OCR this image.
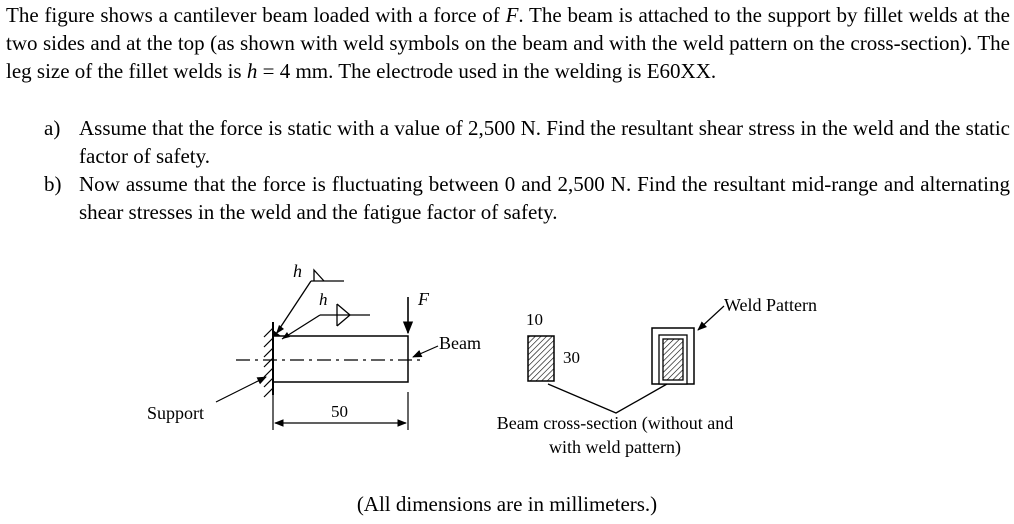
The figure shows a cantilever beam loaded with a force of F. The beam is attached to the support by fillet welds at the two sides and at the top (as shown with weld symbols on the beam and with the weld pattern on the cross-section). The leg size of the fillet welds is h = 4 mm. The electrode used in the welding is E60XX.
a) Assume that the force is static with a value of 2,500 N. Find the resultant shear stress in the weld and the static factor of safety.
b) Now assume that the force is fluctuating between 0 and 2,500 N. Find the resultant mid-range and alternating shear stresses in the weld and the fatigue factor of safety.
h
h	F
Beam
Support	50
10
30
Weld Pattern
Beam cross-section (without and
with weld pattern)
(All dimensions are in millimeters.)
